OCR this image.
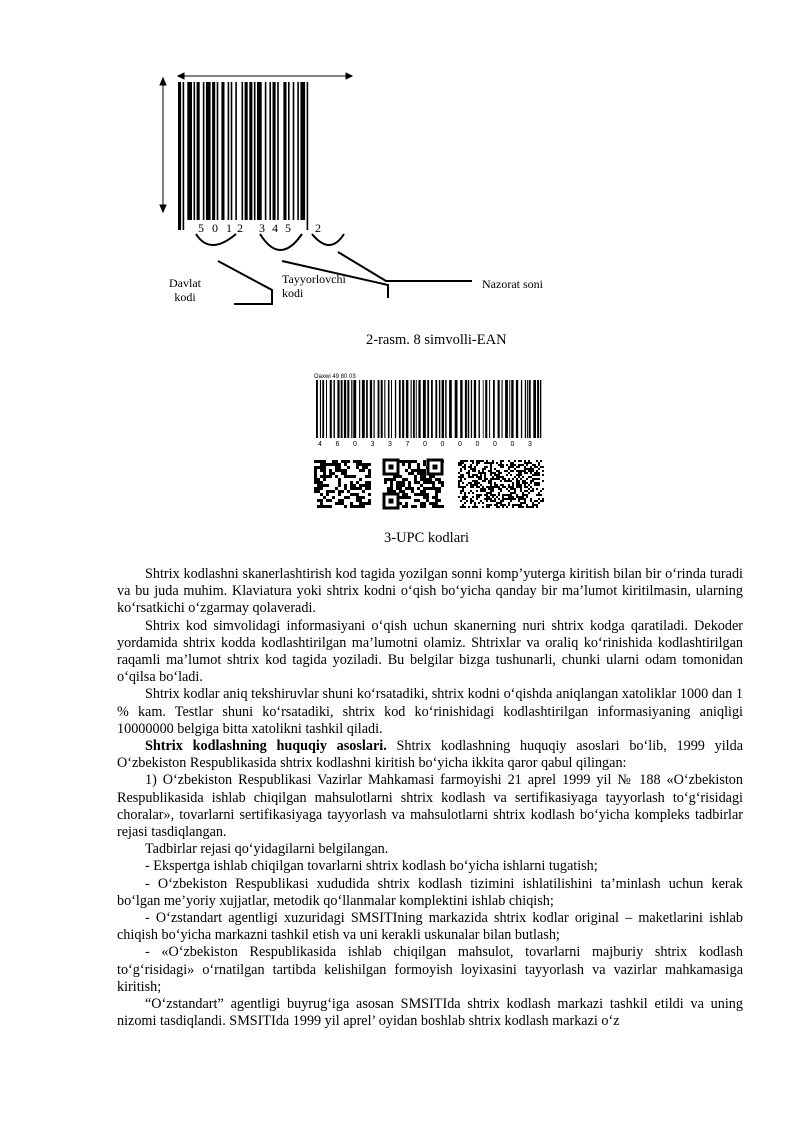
5 0 1 2 3 4 5 2
Davlat
kodi
Tayyorlovchi
kodi
Nazorat soni
2-rasm. 8 simvolli-EAN
Oaxwi 49 80 03
4 6 0 3 3 7 0 0 0 0 0 0 3
3-UPC kodlari

Shtrix kodlashni skanerlashtirish kod tagida yozilgan sonni komp’yuterga kiritish bilan bir o‘rinda turadi va bu juda muhim. Klaviatura yoki shtrix kodni o‘qish bo‘yicha qanday bir ma’lumot kiritilmasin, ularning ko‘rsatkichi o‘zgarmay qolaveradi.

Shtrix kod simvolidagi informasiyani o‘qish uchun skanerning nuri shtrix kodga qaratiladi. Dekoder yordamida shtrix kodda kodlashtirilgan ma’lumotni olamiz. Shtrixlar va oraliq ko‘rinishida kodlashtirilgan raqamli ma’lumot shtrix kod tagida yoziladi. Bu belgilar bizga tushunarli, chunki ularni odam tomonidan o‘qilsa bo‘ladi.

Shtrix kodlar aniq tekshiruvlar shuni ko‘rsatadiki, shtrix kodni o‘qishda aniqlangan xatoliklar 1000 dan 1 % kam. Testlar shuni ko‘rsatadiki, shtrix kod ko‘rinishidagi kodlashtirilgan informasiyaning aniqligi 10000000 belgiga bitta xatolikni tashkil qiladi.

Shtrix kodlashning huquqiy asoslari. Shtrix kodlashning huquqiy asoslari bo‘lib, 1999 yilda O‘zbekiston Respublikasida shtrix kodlashni kiritish bo‘yicha ikkita qaror qabul qilingan:

1) O‘zbekiston Respublikasi Vazirlar Mahkamasi farmoyishi 21 aprel 1999 yil № 188 «O‘zbekiston Respublikasida ishlab chiqilgan mahsulotlarni shtrix kodlash va sertifikasiyaga tayyorlash to‘g‘risidagi choralar», tovarlarni sertifikasiyaga tayyorlash va mahsulotlarni shtrix kodlash bo‘yicha kompleks tadbirlar rejasi tasdiqlangan.

Tadbirlar rejasi qo‘yidagilarni belgilangan.

- Ekspertga ishlab chiqilgan tovarlarni shtrix kodlash bo‘yicha ishlarni tugatish;

- O‘zbekiston Respublikasi xududida shtrix kodlash tizimini ishlatilishini ta’minlash uchun kerak bo‘lgan me’yoriy xujjatlar, metodik qo‘llanmalar komplektini ishlab chiqish;

- O‘zstandart agentligi xuzuridagi SMSITIning markazida shtrix kodlar original – maketlarini ishlab chiqish bo‘yicha markazni tashkil etish va uni kerakli uskunalar bilan butlash;

- «O‘zbekiston Respublikasida ishlab chiqilgan mahsulot, tovarlarni majburiy shtrix kodlash to‘g‘risidagi» o‘rnatilgan tartibda kelishilgan formoyish loyixasini tayyorlash va vazirlar mahkamasiga kiritish;

“O‘zstandart” agentligi buyrug‘iga asosan SMSITIda shtrix kodlash markazi tashkil etildi va uning nizomi tasdiqlandi. SMSITIda 1999 yil aprel’ oyidan boshlab shtrix kodlash markazi o‘z
